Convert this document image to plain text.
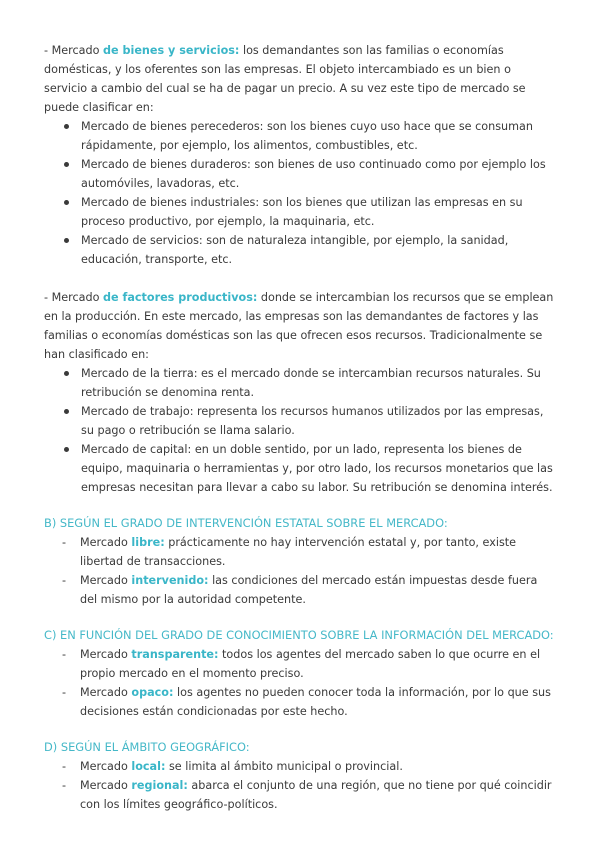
- Mercado de bienes y servicios: los demandantes son las familias o economías domésticas, y los oferentes son las empresas. El objeto intercambiado es un bien o servicio a cambio del cual se ha de pagar un precio. A su vez este tipo de mercado se puede clasificar en:

Mercado de bienes perecederos: son los bienes cuyo uso hace que se consuman rápidamente, por ejemplo, los alimentos, combustibles, etc.
Mercado de bienes duraderos: son bienes de uso continuado como por ejemplo los automóviles, lavadoras, etc.
Mercado de bienes industriales: son los bienes que utilizan las empresas en su proceso productivo, por ejemplo, la maquinaria, etc.
Mercado de servicios: son de naturaleza intangible, por ejemplo, la sanidad, educación, transporte, etc.

- Mercado de factores productivos: donde se intercambian los recursos que se emplean en la producción. En este mercado, las empresas son las demandantes de factores y las familias o economías domésticas son las que ofrecen esos recursos. Tradicionalmente se han clasificado en:

Mercado de la tierra: es el mercado donde se intercambian recursos naturales. Su retribución se denomina renta.
Mercado de trabajo: representa los recursos humanos utilizados por las empresas, su pago o retribución se llama salario.
Mercado de capital: en un doble sentido, por un lado, representa los bienes de equipo, maquinaria o herramientas y, por otro lado, los recursos monetarios que las empresas necesitan para llevar a cabo su labor. Su retribución se denomina interés.

B) SEGÚN EL GRADO DE INTERVENCIÓN ESTATAL SOBRE EL MERCADO:

- Mercado libre: prácticamente no hay intervención estatal y, por tanto, existe libertad de transacciones.
- Mercado intervenido: las condiciones del mercado están impuestas desde fuera del mismo por la autoridad competente.

C) EN FUNCIÓN DEL GRADO DE CONOCIMIENTO SOBRE LA INFORMACIÓN DEL MERCADO:

- Mercado transparente: todos los agentes del mercado saben lo que ocurre en el propio mercado en el momento preciso.
- Mercado opaco: los agentes no pueden conocer toda la información, por lo que sus decisiones están condicionadas por este hecho.

D) SEGÚN EL ÁMBITO GEOGRÁFICO:

- Mercado local: se limita al ámbito municipal o provincial.
- Mercado regional: abarca el conjunto de una región, que no tiene por qué coincidir con los límites geográfico-políticos.
